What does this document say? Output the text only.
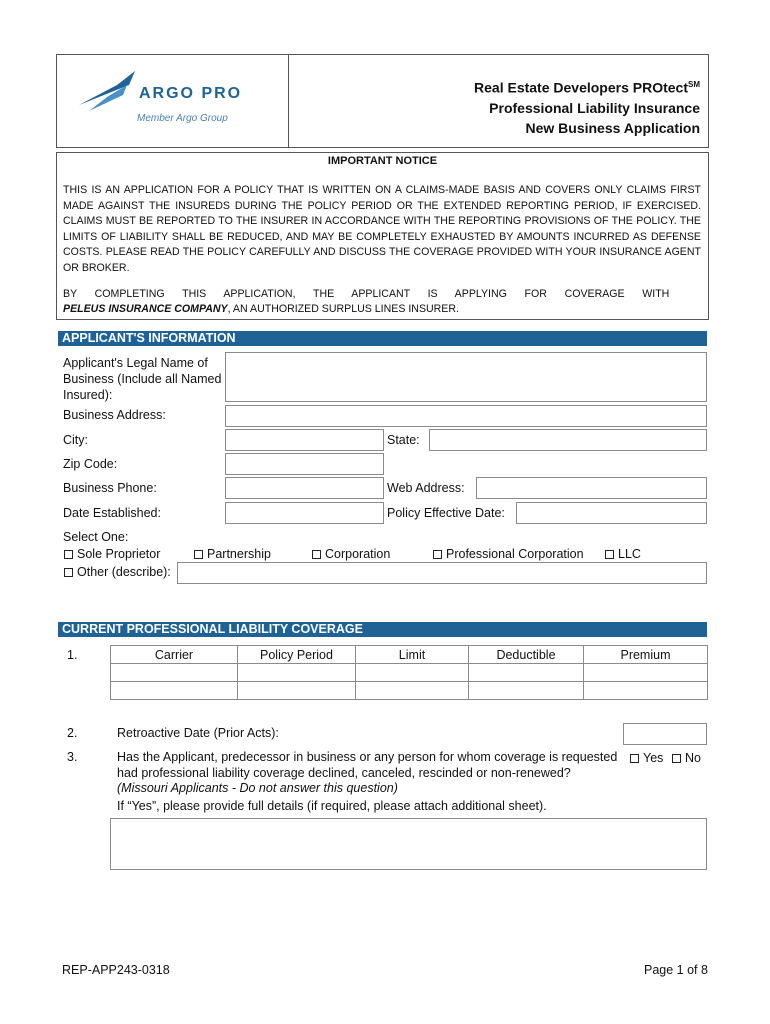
ARGO PRO
Member Argo Group
Real Estate Developers PROtect℠
Professional Liability Insurance
New Business Application
IMPORTANT NOTICE
THIS IS AN APPLICATION FOR A POLICY THAT IS WRITTEN ON A CLAIMS-MADE BASIS AND COVERS ONLY CLAIMS FIRST
MADE AGAINST THE INSUREDS DURING THE POLICY PERIOD OR THE EXTENDED REPORTING PERIOD, IF EXERCISED.
CLAIMS MUST BE REPORTED TO THE INSURER IN ACCORDANCE WITH THE REPORTING PROVISIONS OF THE POLICY. THE
LIMITS OF LIABILITY SHALL BE REDUCED, AND MAY BE COMPLETELY EXHAUSTED BY AMOUNTS INCURRED AS DEFENSE
COSTS. PLEASE READ THE POLICY CAREFULLY AND DISCUSS THE COVERAGE PROVIDED WITH YOUR INSURANCE AGENT
OR BROKER.
BY      COMPLETING      THIS      APPLICATION,      THE      APPLICANT      IS      APPLYING      FOR      COVERAGE      WITH
PELEUS INSURANCE COMPANY, AN AUTHORIZED SURPLUS LINES INSURER.
APPLICANT'S INFORMATION
Applicant's Legal Name of
Business (Include all Named
Insured):
Business Address:
City:	State:
Zip Code:
Business Phone:	Web Address:
Date Established:	Policy Effective Date:
Select One:
Sole Proprietor	Partnership	Corporation	Professional Corporation	LLC
Other (describe):
CURRENT PROFESSIONAL LIABILITY COVERAGE
1.	Carrier	Policy Period	Limit	Deductible	Premium

2.	Retroactive Date (Prior Acts):
3.	Has the Applicant, predecessor in business or any person for whom coverage is requested
had professional liability coverage declined, canceled, rescinded or non-renewed?
(Missouri Applicants - Do not answer this question)
Yes	No
If “Yes”, please provide full details (if required, please attach additional sheet).
REP-APP243-0318	Page 1 of 8
